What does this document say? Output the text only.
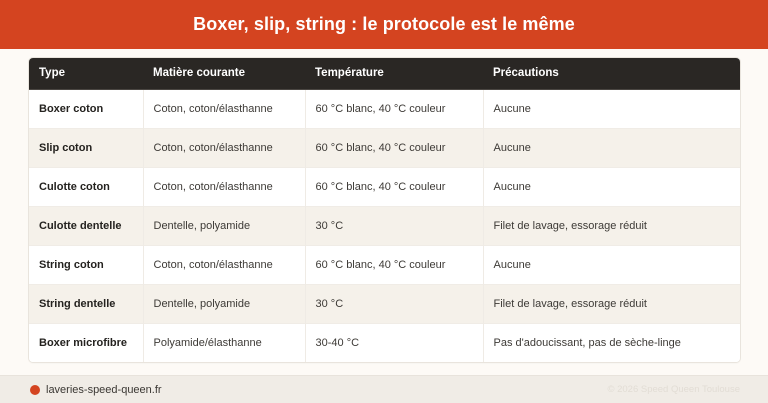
Boxer, slip, string : le protocole est le même
Type	Matière courante	Température	Précautions
Boxer coton	Coton, coton/élasthanne	60 °C blanc, 40 °C couleur	Aucune
Slip coton	Coton, coton/élasthanne	60 °C blanc, 40 °C couleur	Aucune
Culotte coton	Coton, coton/élasthanne	60 °C blanc, 40 °C couleur	Aucune
Culotte dentelle	Dentelle, polyamide	30 °C	Filet de lavage, essorage réduit
String coton	Coton, coton/élasthanne	60 °C blanc, 40 °C couleur	Aucune
String dentelle	Dentelle, polyamide	30 °C	Filet de lavage, essorage réduit
Boxer microfibre	Polyamide/élasthanne	30-40 °C	Pas d'adoucissant, pas de sèche-linge
laveries-speed-queen.fr	© 2026 Speed Queen Toulouse
